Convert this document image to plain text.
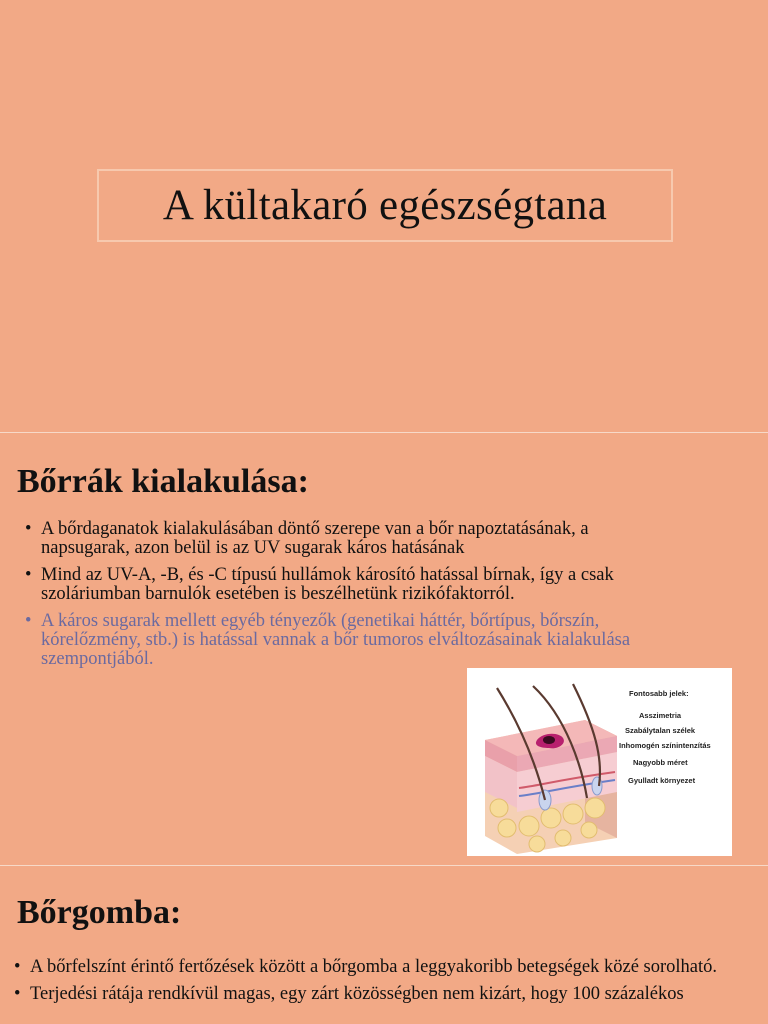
A kültakaró egészségtana
Bőrrák kialakulása:
• A bőrdaganatok kialakulásában döntő szerepe van a bőr napoztatásának, a napsugarak, azon belül is az UV sugarak káros hatásának
• Mind az UV-A, -B, és -C típusú hullámok károsító hatással bírnak, így a csak szoláriumban barnulók esetében is beszélhetünk rizikófaktorról.
• A káros sugarak mellett egyéb tényezők (genetikai háttér, bőrtípus, bőrszín, kórelőzmény, stb.) is hatással vannak a bőr tumoros elváltozásainak kialakulása szempontjából.
Fontosabb jelek:
Asszimetria
Szabálytalan szélek
Inhomogén színintenzítás
Nagyobb méret
Gyulladt környezet
Bőrgomba:
• A bőrfelszínt érintő fertőzések között a bőrgomba a leggyakoribb betegségek közé sorolható.
• Terjedési rátája rendkívül magas, egy zárt közösségben nem kizárt, hogy 100 százalékos
